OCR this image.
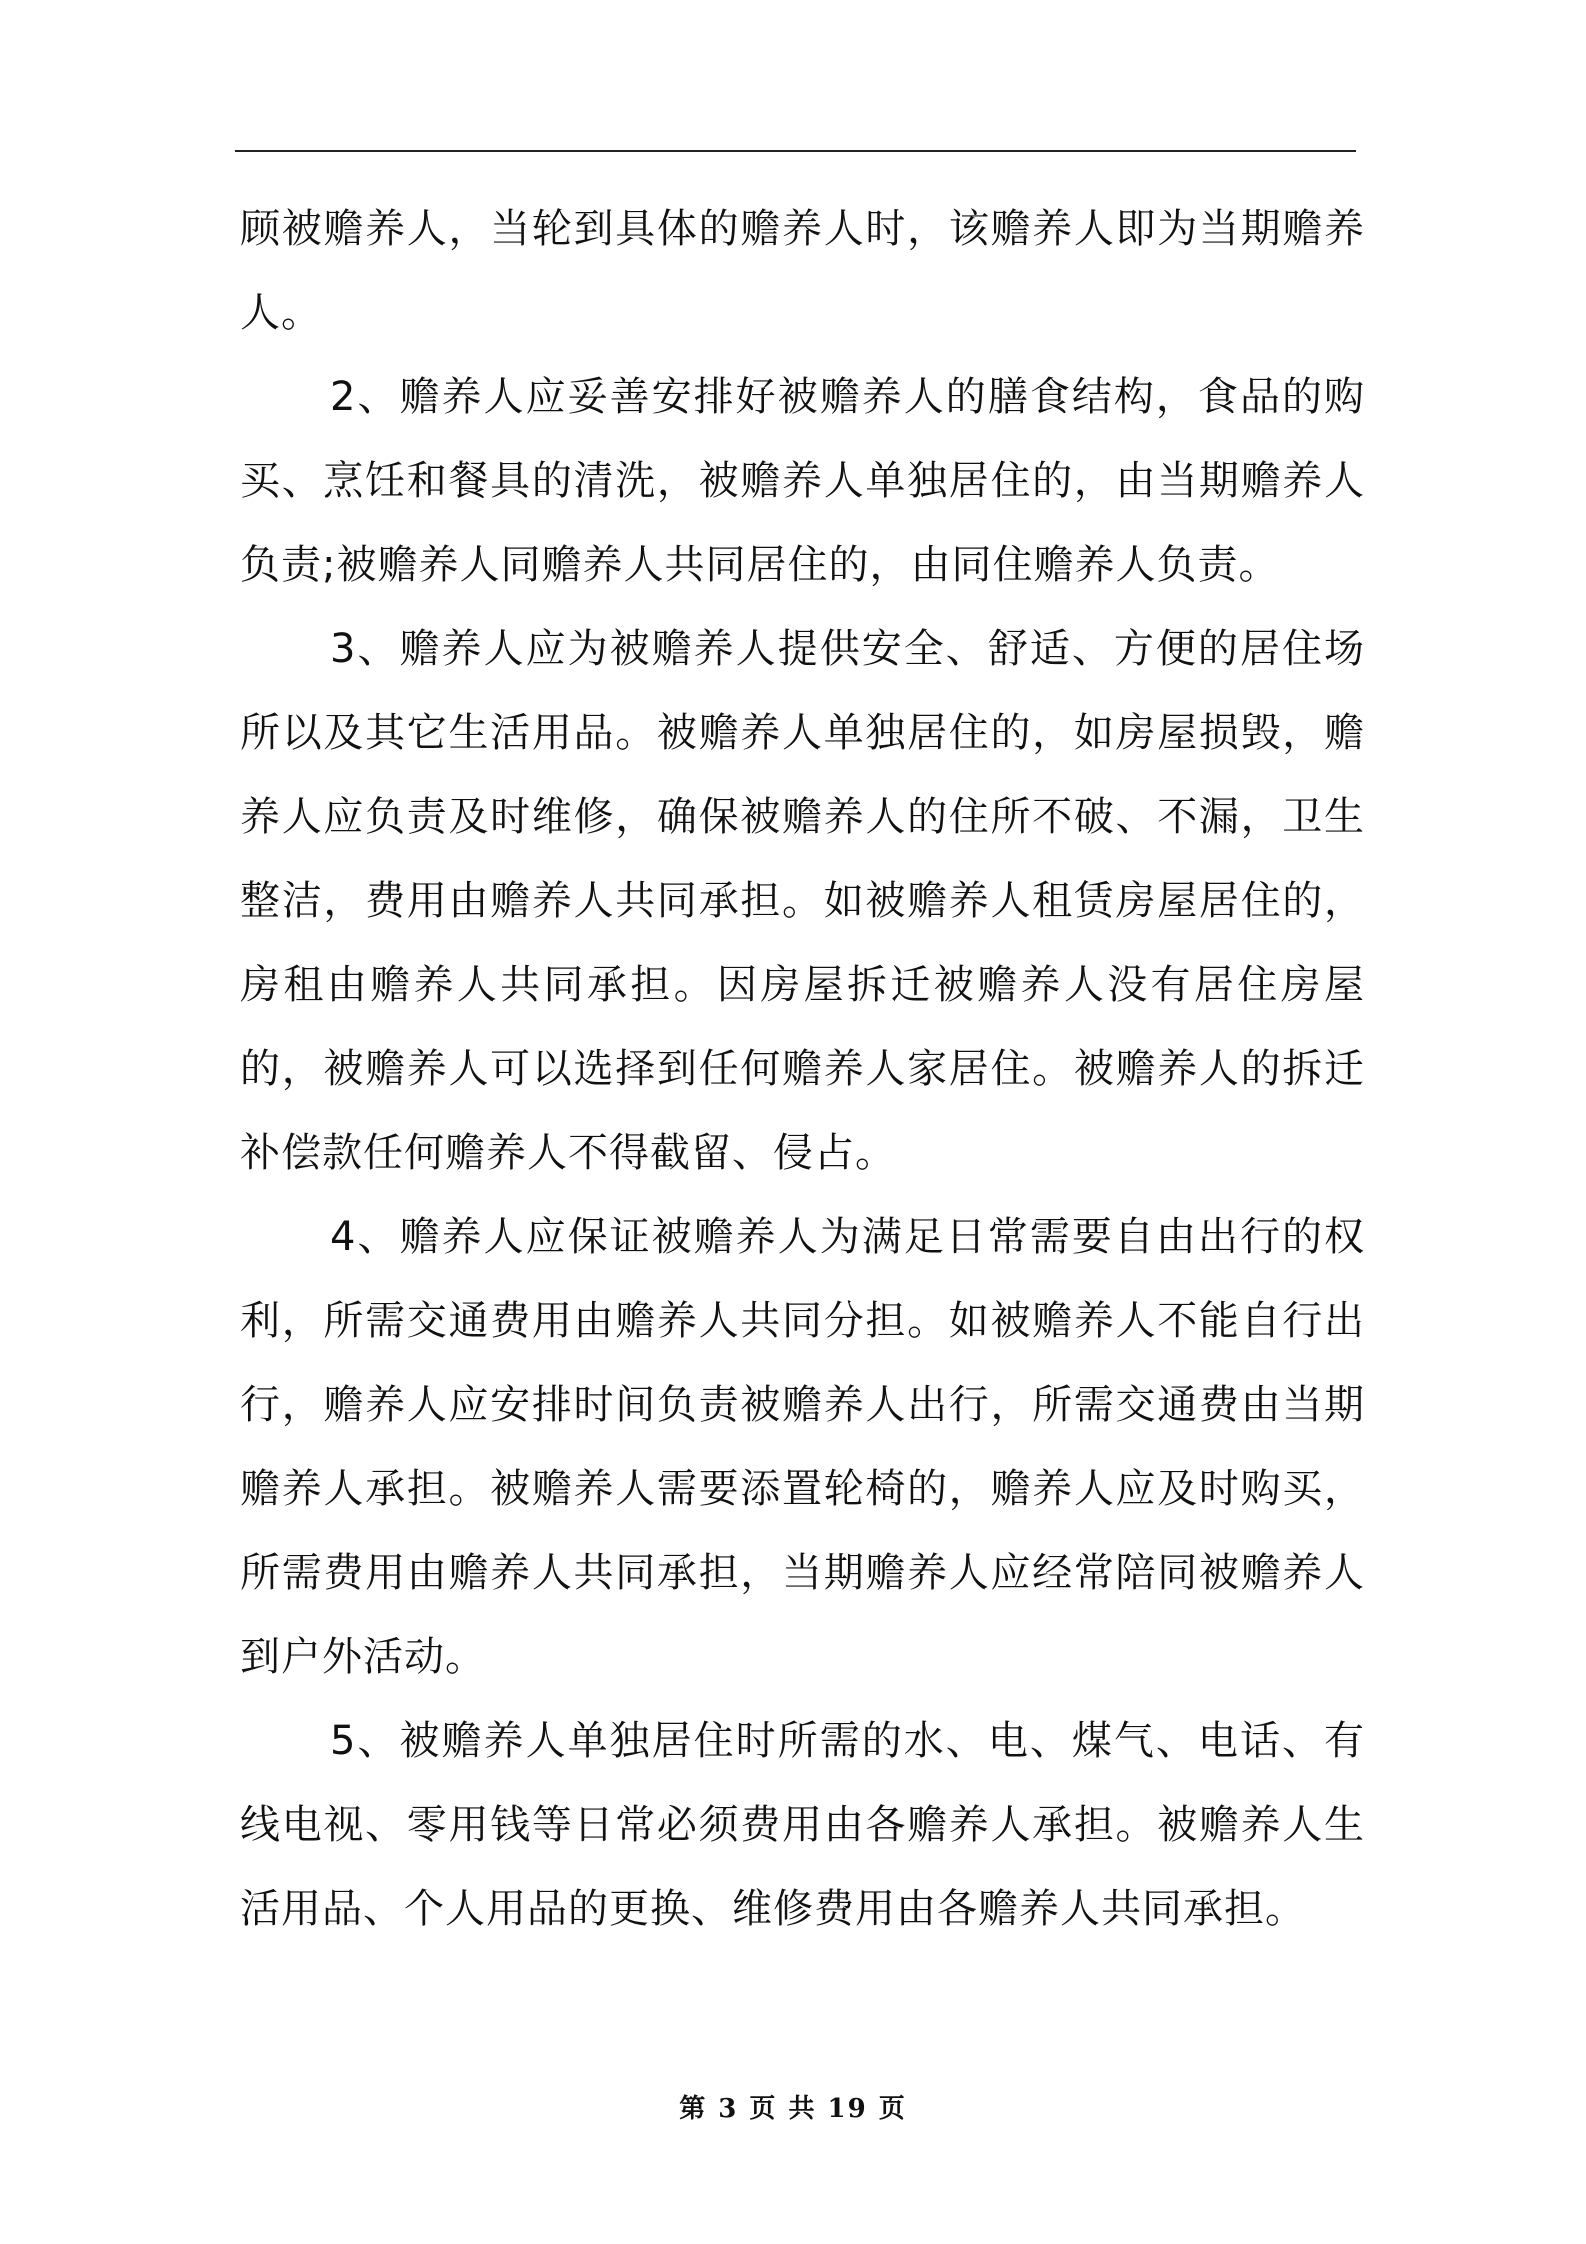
顾被赡养人，当轮到具体的赡养人时，该赡养人即为当期赡养人。

2、赡养人应妥善安排好被赡养人的膳食结构，食品的购买、烹饪和餐具的清洗，被赡养人单独居住的，由当期赡养人负责;被赡养人同赡养人共同居住的，由同住赡养人负责。

3、赡养人应为被赡养人提供安全、舒适、方便的居住场所以及其它生活用品。被赡养人单独居住的，如房屋损毁，赡养人应负责及时维修，确保被赡养人的住所不破、不漏，卫生整洁，费用由赡养人共同承担。如被赡养人租赁房屋居住的，房租由赡养人共同承担。因房屋拆迁被赡养人没有居住房屋的，被赡养人可以选择到任何赡养人家居住。被赡养人的拆迁补偿款任何赡养人不得截留、侵占。

4、赡养人应保证被赡养人为满足日常需要自由出行的权利，所需交通费用由赡养人共同分担。如被赡养人不能自行出行，赡养人应安排时间负责被赡养人出行，所需交通费由当期赡养人承担。被赡养人需要添置轮椅的，赡养人应及时购买，所需费用由赡养人共同承担，当期赡养人应经常陪同被赡养人到户外活动。

5、被赡养人单独居住时所需的水、电、煤气、电话、有线电视、零用钱等日常必须费用由各赡养人承担。被赡养人生活用品、个人用品的更换、维修费用由各赡养人共同承担。

第 3 页 共 19 页
